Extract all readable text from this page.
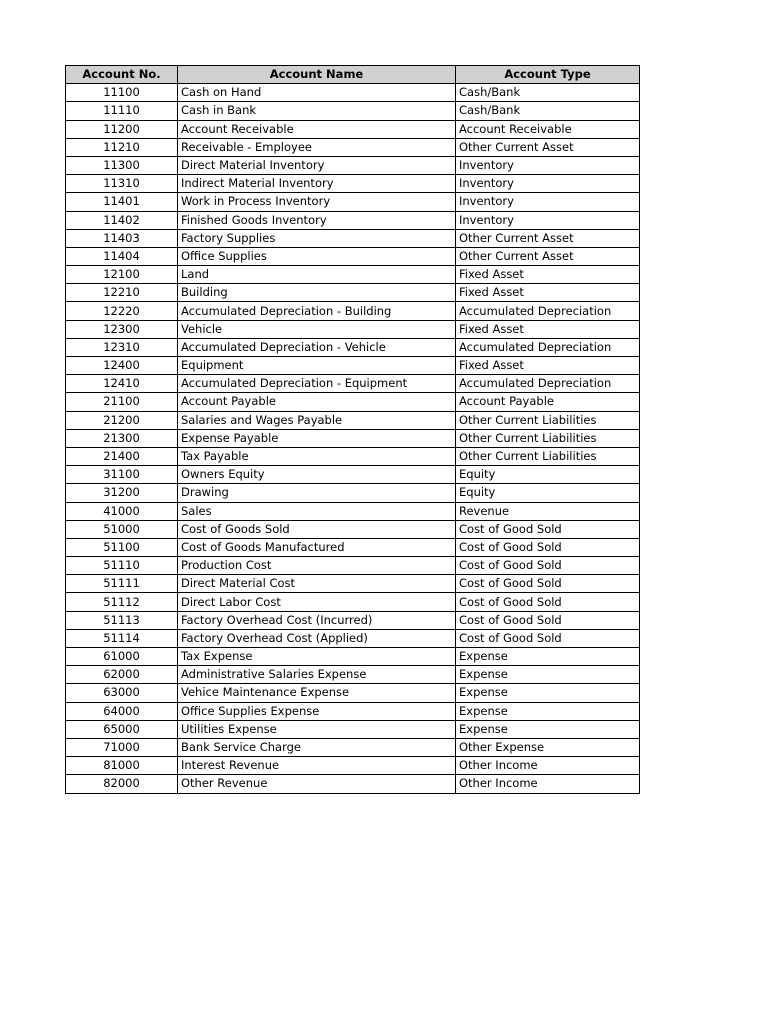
Account No.	Account Name	Account Type
11100	Cash on Hand	Cash/Bank
11110	Cash in Bank	Cash/Bank
11200	Account Receivable	Account Receivable
11210	Receivable - Employee	Other Current Asset
11300	Direct Material Inventory	Inventory
11310	Indirect Material Inventory	Inventory
11401	Work in Process Inventory	Inventory
11402	Finished Goods Inventory	Inventory
11403	Factory Supplies	Other Current Asset
11404	Office Supplies	Other Current Asset
12100	Land	Fixed Asset
12210	Building	Fixed Asset
12220	Accumulated Depreciation - Building	Accumulated Depreciation
12300	Vehicle	Fixed Asset
12310	Accumulated Depreciation - Vehicle	Accumulated Depreciation
12400	Equipment	Fixed Asset
12410	Accumulated Depreciation - Equipment	Accumulated Depreciation
21100	Account Payable	Account Payable
21200	Salaries and Wages Payable	Other Current Liabilities
21300	Expense Payable	Other Current Liabilities
21400	Tax Payable	Other Current Liabilities
31100	Owners Equity	Equity
31200	Drawing	Equity
41000	Sales	Revenue
51000	Cost of Goods Sold	Cost of Good Sold
51100	Cost of Goods Manufactured	Cost of Good Sold
51110	Production Cost	Cost of Good Sold
51111	Direct Material Cost	Cost of Good Sold
51112	Direct Labor Cost	Cost of Good Sold
51113	Factory Overhead Cost (Incurred)	Cost of Good Sold
51114	Factory Overhead Cost (Applied)	Cost of Good Sold
61000	Tax Expense	Expense
62000	Administrative Salaries Expense	Expense
63000	Vehice Maintenance Expense	Expense
64000	Office Supplies Expense	Expense
65000	Utilities Expense	Expense
71000	Bank Service Charge	Other Expense
81000	Interest Revenue	Other Income
82000	Other Revenue	Other Income
